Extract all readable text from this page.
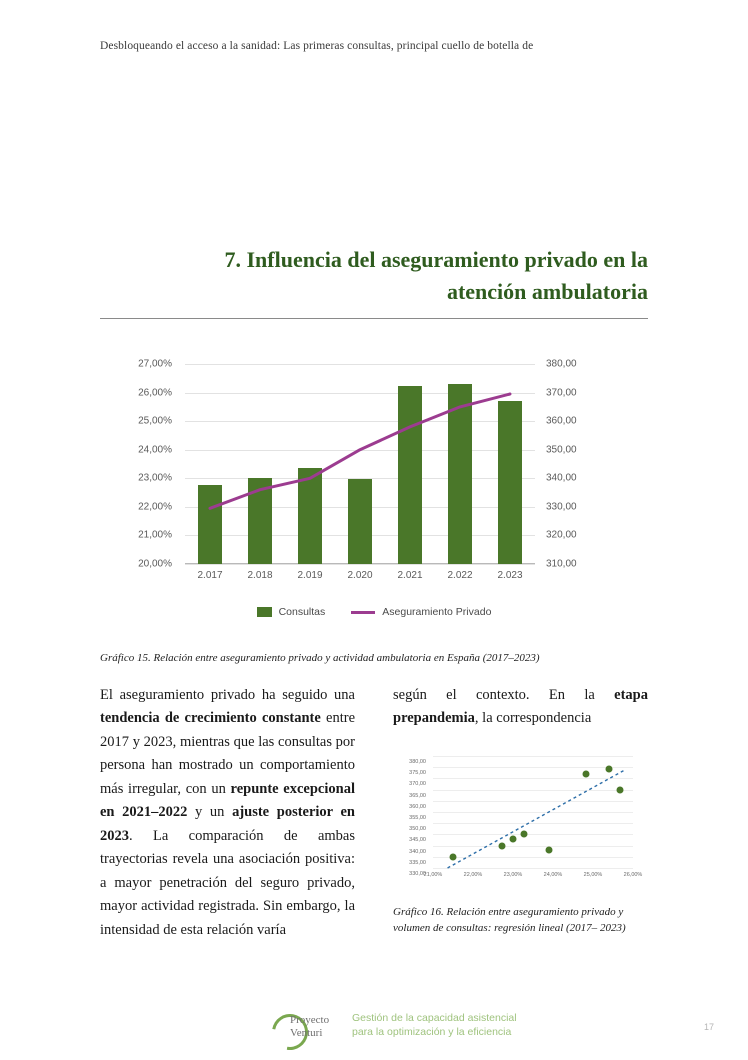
Desbloqueando el acceso a la sanidad: Las primeras consultas, principal cuello de botella de
7. Influencia del aseguramiento privado en la
atención ambulatoria
20,00%
21,00%
22,00%
23,00%
24,00%
25,00%
26,00%
27,00%
310,00
320,00
330,00
340,00
350,00
360,00
370,00
380,00
Consultas	Aseguramiento Privado
2.017	2.018	2.019	2.020	2.021	2.022	2.023
Gráfico 15. Relación entre aseguramiento privado y actividad ambulatoria en España (2017–2023)

El aseguramiento privado ha seguido una tendencia de crecimiento constante entre 2017 y 2023, mientras que las consultas por persona han mostrado un comportamiento más irregular, con un repunte excepcional en 2021–2022 y un ajuste posterior en 2023. La comparación de ambas trayectorias revela una asociación positiva: a mayor penetración del seguro privado, mayor actividad registrada. Sin embargo, la intensidad de esta relación varía

según el contexto. En la etapa prepandemia, la correspondencia

330,00
335,00
340,00
345,00
350,00
355,00
360,00
365,00
370,00
375,00
380,00
21,00%	22,00%	23,00%	24,00%	25,00%	26,00%
Gráfico 16. Relación entre aseguramiento privado y volumen de consultas: regresión lineal (2017– 2023)
Proyecto
Venturi
Gestión de la capacidad asistencial
para la optimización y la eficiencia	17
